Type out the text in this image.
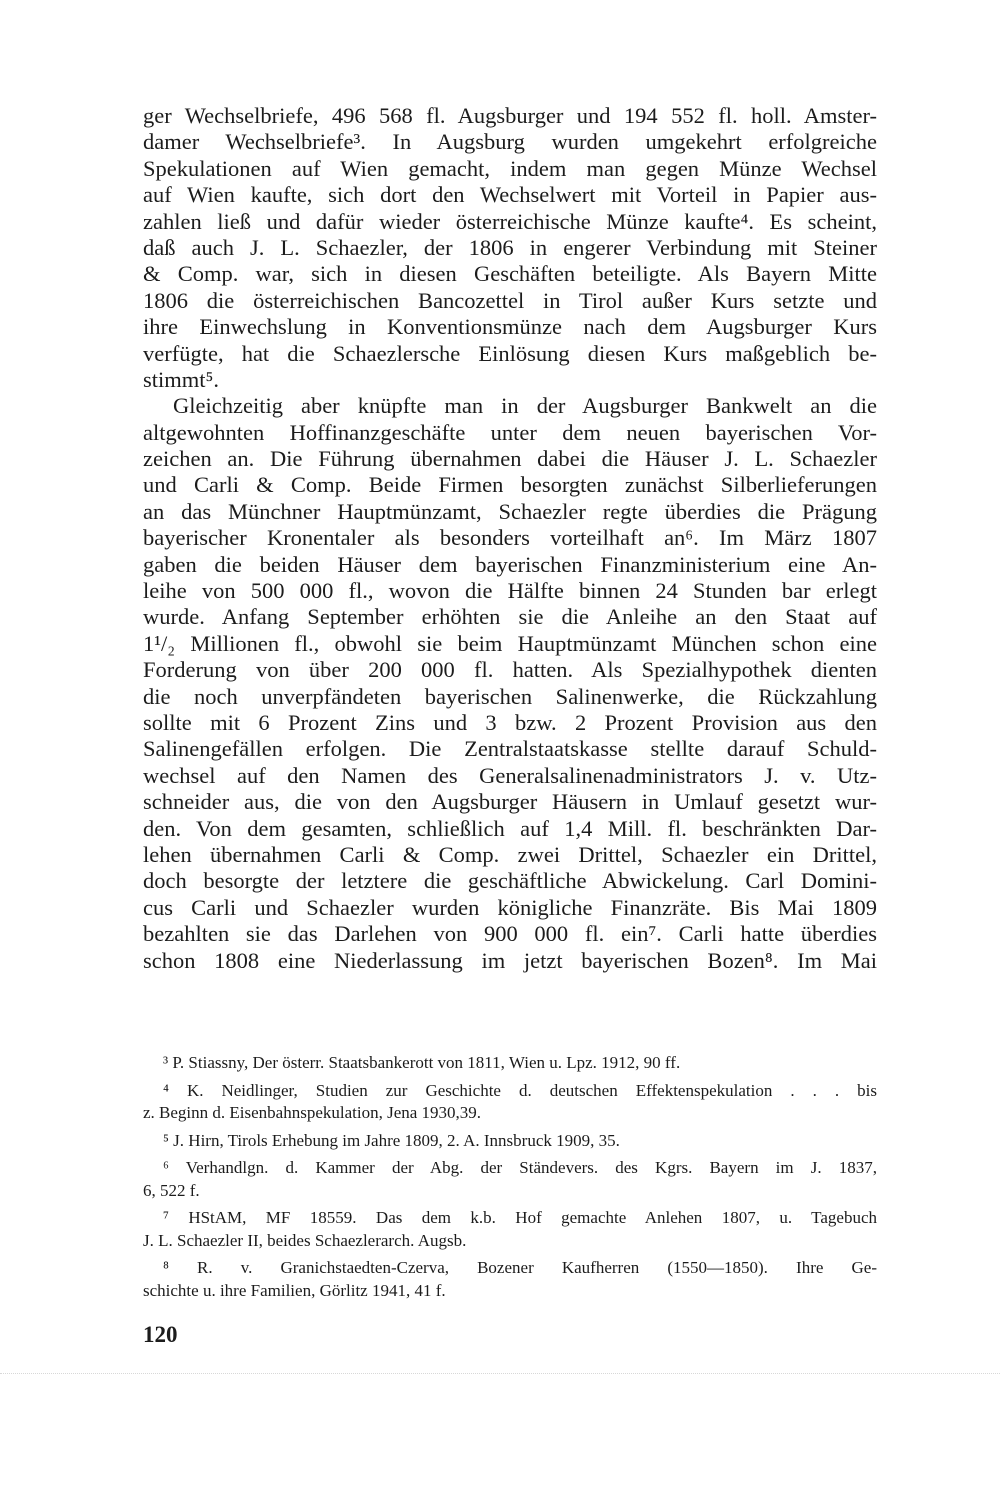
ger Wechselbriefe, 496 568 fl. Augsburger und 194 552 fl. holl. Amster-
damer Wechselbriefe³. In Augsburg wurden umgekehrt erfolgreiche
Spekulationen auf Wien gemacht, indem man gegen Münze Wechsel
auf Wien kaufte, sich dort den Wechselwert mit Vorteil in Papier aus-
zahlen ließ und dafür wieder österreichische Münze kaufte⁴. Es scheint,
daß auch J. L. Schaezler, der 1806 in engerer Verbindung mit Steiner
& Comp. war, sich in diesen Geschäften beteiligte. Als Bayern Mitte
1806 die österreichischen Bancozettel in Tirol außer Kurs setzte und
ihre Einwechslung in Konventionsmünze nach dem Augsburger Kurs
verfügte, hat die Schaezlersche Einlösung diesen Kurs maßgeblich be-
stimmt⁵.
Gleichzeitig aber knüpfte man in der Augsburger Bankwelt an die
altgewohnten Hoffinanzgeschäfte unter dem neuen bayerischen Vor-
zeichen an. Die Führung übernahmen dabei die Häuser J. L. Schaezler
und Carli & Comp. Beide Firmen besorgten zunächst Silberlieferungen
an das Münchner Hauptmünzamt, Schaezler regte überdies die Prägung
bayerischer Kronentaler als besonders vorteilhaft an⁶. Im März 1807
gaben die beiden Häuser dem bayerischen Finanzministerium eine An-
leihe von 500 000 fl., wovon die Hälfte binnen 24 Stunden bar erlegt
wurde. Anfang September erhöhten sie die Anleihe an den Staat auf
1¹/₂ Millionen fl., obwohl sie beim Hauptmünzamt München schon eine
Forderung von über 200 000 fl. hatten. Als Spezialhypothek dienten
die noch unverpfändeten bayerischen Salinenwerke, die Rückzahlung
sollte mit 6 Prozent Zins und 3 bzw. 2 Prozent Provision aus den
Salinengefällen erfolgen. Die Zentralstaatskasse stellte darauf Schuld-
wechsel auf den Namen des Generalsalinenadministrators J. v. Utz-
schneider aus, die von den Augsburger Häusern in Umlauf gesetzt wur-
den. Von dem gesamten, schließlich auf 1,4 Mill. fl. beschränkten Dar-
lehen übernahmen Carli & Comp. zwei Drittel, Schaezler ein Drittel,
doch besorgte der letztere die geschäftliche Abwickelung. Carl Domini-
cus Carli und Schaezler wurden königliche Finanzräte. Bis Mai 1809
bezahlten sie das Darlehen von 900 000 fl. ein⁷. Carli hatte überdies
schon 1808 eine Niederlassung im jetzt bayerischen Bozen⁸. Im Mai
³ P. Stiassny, Der österr. Staatsbankerott von 1811, Wien u. Lpz. 1912, 90 ff.
⁴ K. Neidlinger, Studien zur Geschichte d. deutschen Effektenspekulation . . . bis
z. Beginn d. Eisenbahnspekulation, Jena 1930,39.
⁵ J. Hirn, Tirols Erhebung im Jahre 1809, 2. A. Innsbruck 1909, 35.
⁶ Verhandlgn. d. Kammer der Abg. der Ständevers. des Kgrs. Bayern im J. 1837,
6, 522 f.
⁷ HStAM, MF 18559. Das dem k.b. Hof gemachte Anlehen 1807, u. Tagebuch
J. L. Schaezler II, beides Schaezlerarch. Augsb.
⁸ R. v. Granichstaedten-Czerva, Bozener Kaufherren (1550—1850). Ihre Ge-
schichte u. ihre Familien, Görlitz 1941, 41 f.
120
